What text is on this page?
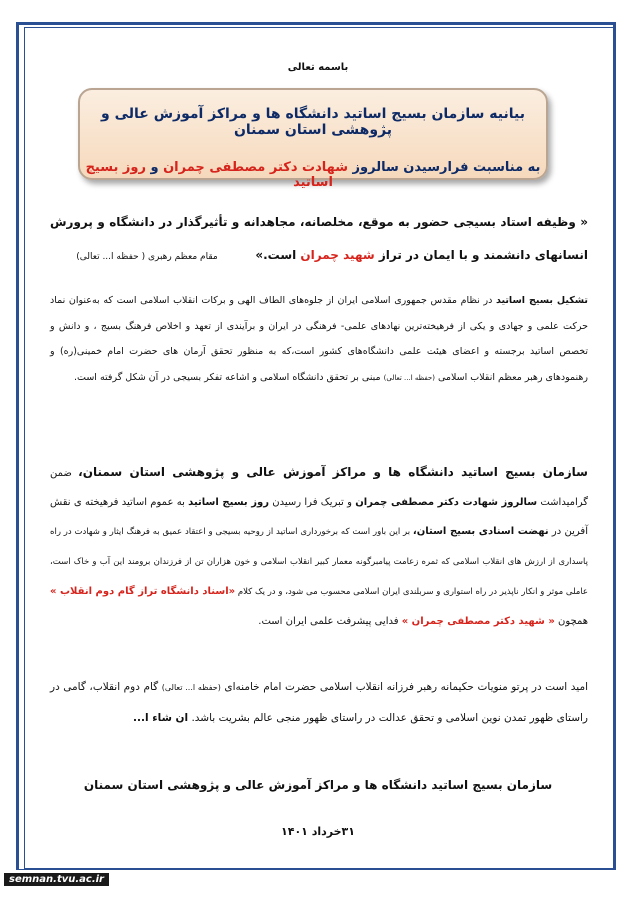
باسمه تعالی
بیانیه سازمان بسیج اساتید دانشگاه ها و مراکز آموزش عالی و پژوهشی استان سمنان
به مناسبت فرارسیدن سالروز شهادت دکتر مصطفی چمران و روز بسیج اساتید
« وظیفه استاد بسیجی حضور به موقع، مخلصانه، مجاهدانه و تأثیرگذار در دانشگاه و پرورش انسانهای دانشمند و با ایمان در تراز شهید چمران است.»         مقام معظم رهبری ( حفظه ا... تعالی)
تشکیل بسیج اساتید در نظام مقدس جمهوری اسلامی ایران از جلوه‌های الطاف الهی و برکات انقلاب اسلامی است که به‌عنوان نماد حرکت علمی و جهادی و یکی از فرهیخته‌ترین نهادهای علمی- فرهنگی در ایران و برآیندی از تعهد و اخلاص فرهنگ بسیج ، و دانش و تخصص اساتید برجسته و اعضای هیئت علمی دانشگاه‌های کشور است،که به منظور تحقق آرمان های حضرت امام خمینی(ره) و رهنمودهای رهبر معظم انقلاب اسلامی (حفظه ا... تعالی) مبنی بر تحقق دانشگاه اسلامی و اشاعه تفکر بسیجی در آن شکل گرفته است.
سازمان بسیج اساتید دانشگاه ها و مراکز آموزش عالی و پژوهشی استان سمنان، ضمن گرامیداشت سالروز شهادت دکتر مصطفی چمران و تبریک فرا رسیدن روز بسیج اساتید به عموم اساتید فرهیخته ی نقش آفرین در نهضت اسنادی بسیج استان، بر این باور است که برخورداری اساتید از روحیه بسیجی و اعتقاد عمیق به فرهنگ ایثار و شهادت در راه پاسداری از ارزش های انقلاب اسلامی که ثمره زعامت پیامبرگونه معمار کبیر انقلاب اسلامی و خون هزاران تن از فرزندان برومند این آب و خاک است، عاملی موثر و انکار ناپذیر در راه استواری و سربلندی ایران اسلامی محسوب می شود، و در یک کلام «اسناد دانشگاه تراز گام دوم انقلاب » همچون « شهید دکتر مصطفی چمران » فدایی پیشرفت علمی ایران است.
امید است در پرتو منویات حکیمانه رهبر فرزانه انقلاب اسلامی حضرت امام خامنه‌ای (حفظه ا... تعالی) گام دوم انقلاب، گامی در راستای ظهور تمدن نوین اسلامی و تحقق عدالت در راستای ظهور منجی عالم بشریت باشد. ان شاء ا...
سازمان بسیج اساتید دانشگاه ها و مراکز آموزش عالی و پژوهشی استان سمنان
۳۱خرداد ۱۴۰۱
semnan.tvu.ac.ir
